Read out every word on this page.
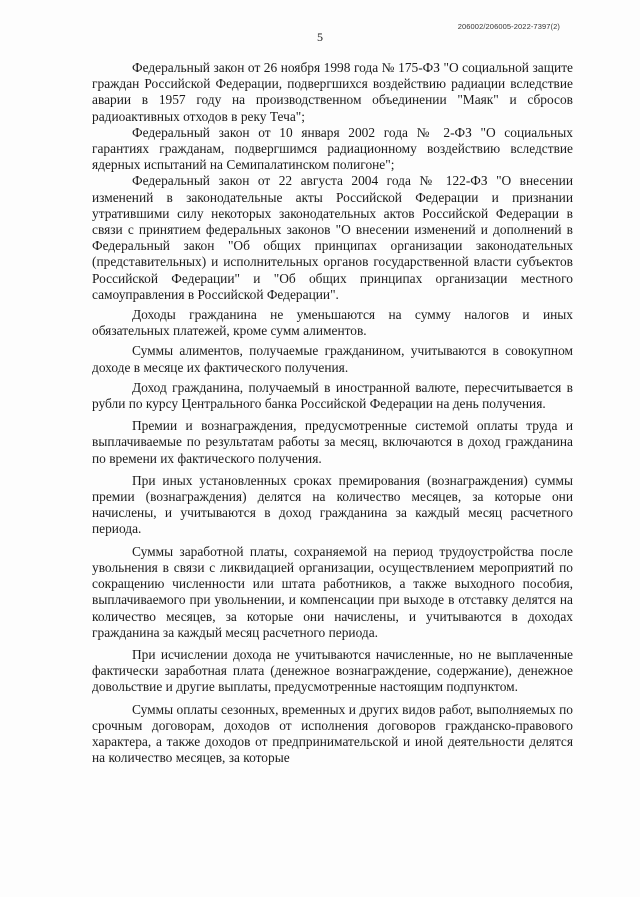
206002/206005-2022-7397(2)
5

Федеральный закон от 26 ноября 1998 года № 175-ФЗ "О социальной защите граждан Российской Федерации, подвергшихся воздействию радиации вследствие аварии в 1957 году на производственном объединении "Маяк" и сбросов радиоактивных отходов в реку Теча";

Федеральный закон от 10 января 2002 года № 2-ФЗ "О социальных гарантиях гражданам, подвергшимся радиационному воздействию вследствие ядерных испытаний на Семипалатинском полигоне";

Федеральный закон от 22 августа 2004 года № 122-ФЗ "О внесении изменений в законодательные акты Российской Федерации и признании утратившими силу некоторых законодательных актов Российской Федерации в связи с принятием федеральных законов "О внесении изменений и дополнений в Федеральный закон "Об общих принципах организации законодательных (представительных) и исполнительных органов государственной власти субъектов Российской Федерации" и "Об общих принципах организации местного самоуправления в Российской Федерации".

Доходы гражданина не уменьшаются на сумму налогов и иных обязательных платежей, кроме сумм алиментов.

Суммы алиментов, получаемые гражданином, учитываются в совокупном доходе в месяце их фактического получения.

Доход гражданина, получаемый в иностранной валюте, пересчитывается в рубли по курсу Центрального банка Российской Федерации на день получения.

Премии и вознаграждения, предусмотренные системой оплаты труда и выплачиваемые по результатам работы за месяц, включаются в доход гражданина по времени их фактического получения.

При иных установленных сроках премирования (вознаграждения) суммы премии (вознаграждения) делятся на количество месяцев, за которые они начислены, и учитываются в доход гражданина за каждый месяц расчетного периода.

Суммы заработной платы, сохраняемой на период трудоустройства после увольнения в связи с ликвидацией организации, осуществлением мероприятий по сокращению численности или штата работников, а также выходного пособия, выплачиваемого при увольнении, и компенсации при выходе в отставку делятся на количество месяцев, за которые они начислены, и учитываются в доходах гражданина за каждый месяц расчетного периода.

При исчислении дохода не учитываются начисленные, но не выплаченные фактически заработная плата (денежное вознаграждение, содержание), денежное довольствие и другие выплаты, предусмотренные настоящим подпунктом.

Суммы оплаты сезонных, временных и других видов работ, выполняемых по срочным договорам, доходов от исполнения договоров гражданско-правового характера, а также доходов от предпринимательской и иной деятельности делятся на количество месяцев, за которые
